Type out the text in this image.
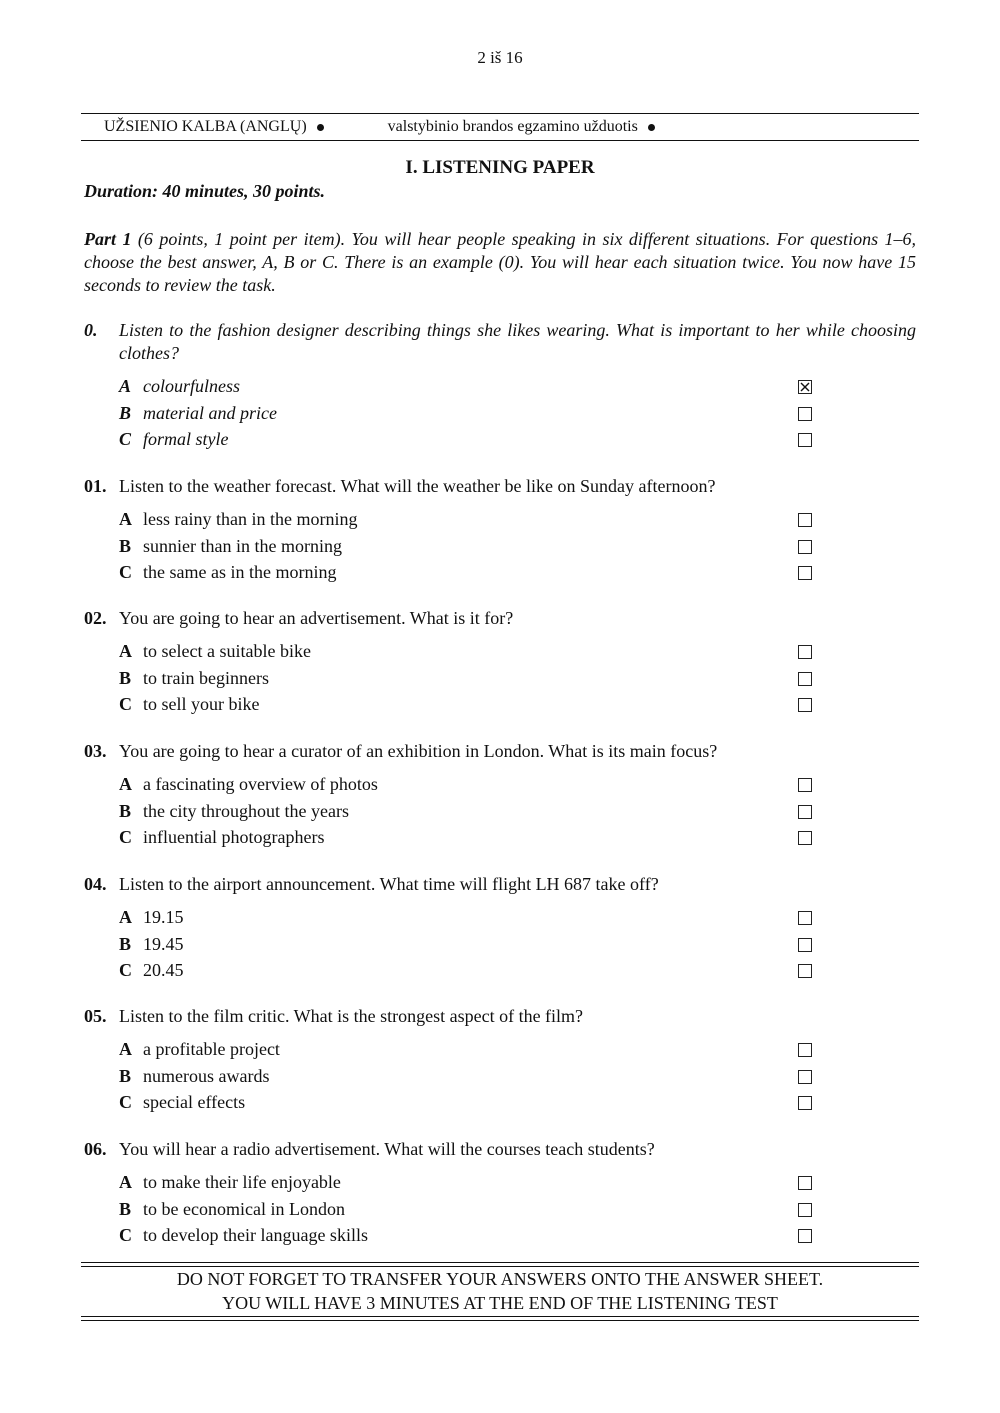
2 iš 16
UŽSIENIO KALBA (ANGLŲ)	valstybinio brandos egzamino užduotis
I. LISTENING PAPER
Duration: 40 minutes, 30 points.
Part 1 (6 points, 1 point per item). You will hear people speaking in six different situations. For questions 1–6, choose the best answer, A, B or C. There is an example (0). You will hear each situation twice. You now have 15 seconds to review the task.
0. Listen to the fashion designer describing things she likes wearing. What is important to her while choosing clothes?
A colourfulness
B material and price
C formal style
01. Listen to the weather forecast. What will the weather be like on Sunday afternoon?
A less rainy than in the morning
B sunnier than in the morning
C the same as in the morning
02. You are going to hear an advertisement. What is it for?
A to select a suitable bike
B to train beginners
C to sell your bike
03. You are going to hear a curator of an exhibition in London. What is its main focus?
A a fascinating overview of photos
B the city throughout the years
C influential photographers
04. Listen to the airport announcement. What time will flight LH 687 take off?
A 19.15
B 19.45
C 20.45
05. Listen to the film critic. What is the strongest aspect of the film?
A a profitable project
B numerous awards
C special effects
06. You will hear a radio advertisement. What will the courses teach students?
A to make their life enjoyable
B to be economical in London
C to develop their language skills
DO NOT FORGET TO TRANSFER YOUR ANSWERS ONTO THE ANSWER SHEET.
YOU WILL HAVE 3 MINUTES AT THE END OF THE LISTENING TEST
